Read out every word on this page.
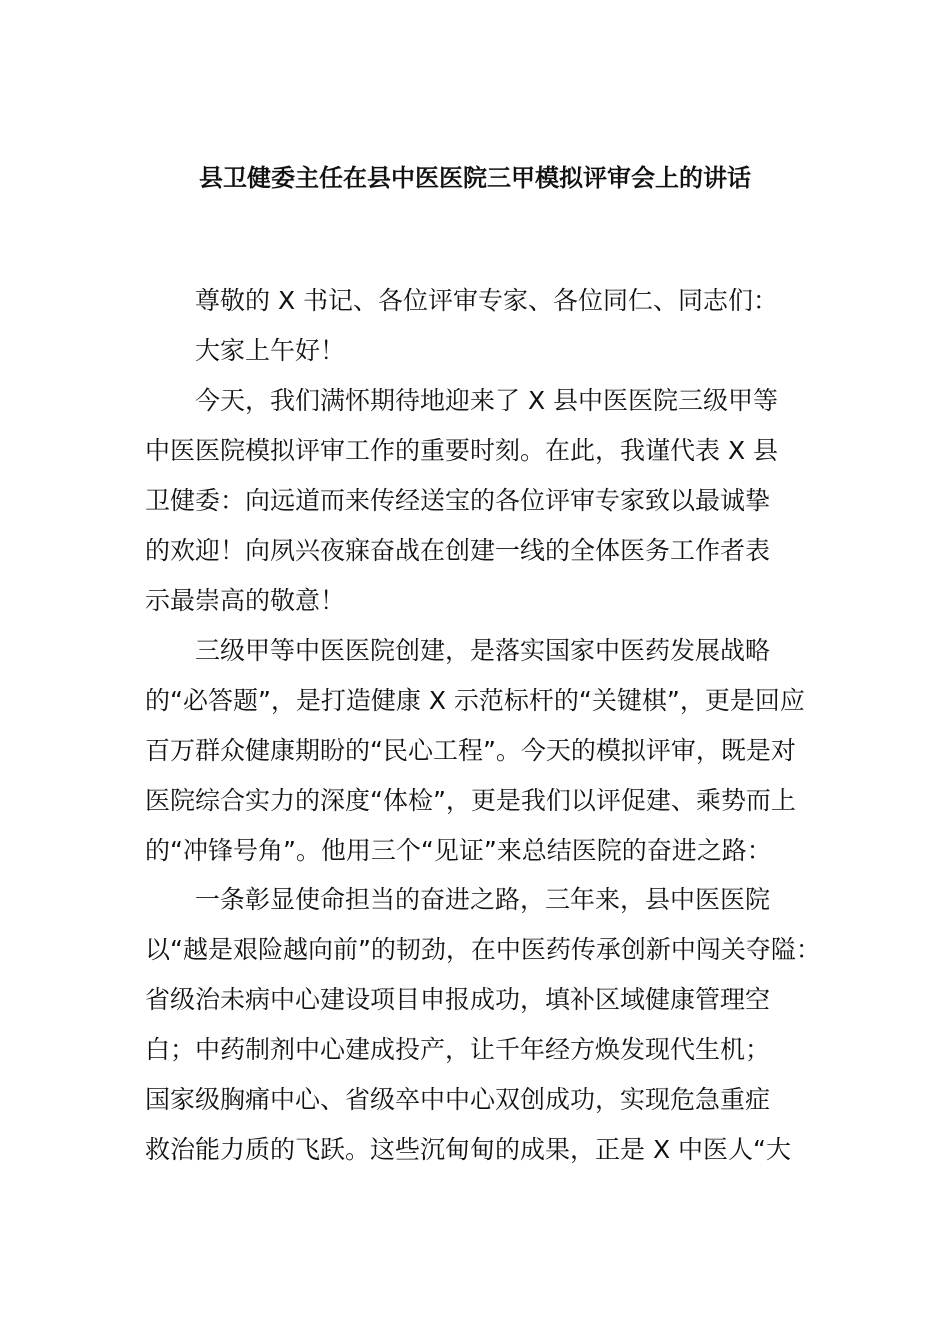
县卫健委主任在县中医医院三甲模拟评审会上的讲话
尊敬的 X 书记、各位评审专家、各位同仁、同志们：
大家上午好！
今天，我们满怀期待地迎来了 X 县中医医院三级甲等
中医医院模拟评审工作的重要时刻。在此，我谨代表 X 县
卫健委：向远道而来传经送宝的各位评审专家致以最诚挚
的欢迎！向夙兴夜寐奋战在创建一线的全体医务工作者表
示最崇高的敬意！
三级甲等中医医院创建，是落实国家中医药发展战略
的“必答题”，是打造健康 X 示范标杆的“关键棋”，更是回应
百万群众健康期盼的“民心工程”。今天的模拟评审，既是对
医院综合实力的深度“体检”，更是我们以评促建、乘势而上
的“冲锋号角”。他用三个“见证”来总结医院的奋进之路：
一条彰显使命担当的奋进之路，三年来，县中医医院
以“越是艰险越向前”的韧劲，在中医药传承创新中闯关夺隘：
省级治未病中心建设项目申报成功，填补区域健康管理空
白；中药制剂中心建成投产，让千年经方焕发现代生机；
国家级胸痛中心、省级卒中中心双创成功，实现危急重症
救治能力质的飞跃。这些沉甸甸的成果，正是 X 中医人“大
